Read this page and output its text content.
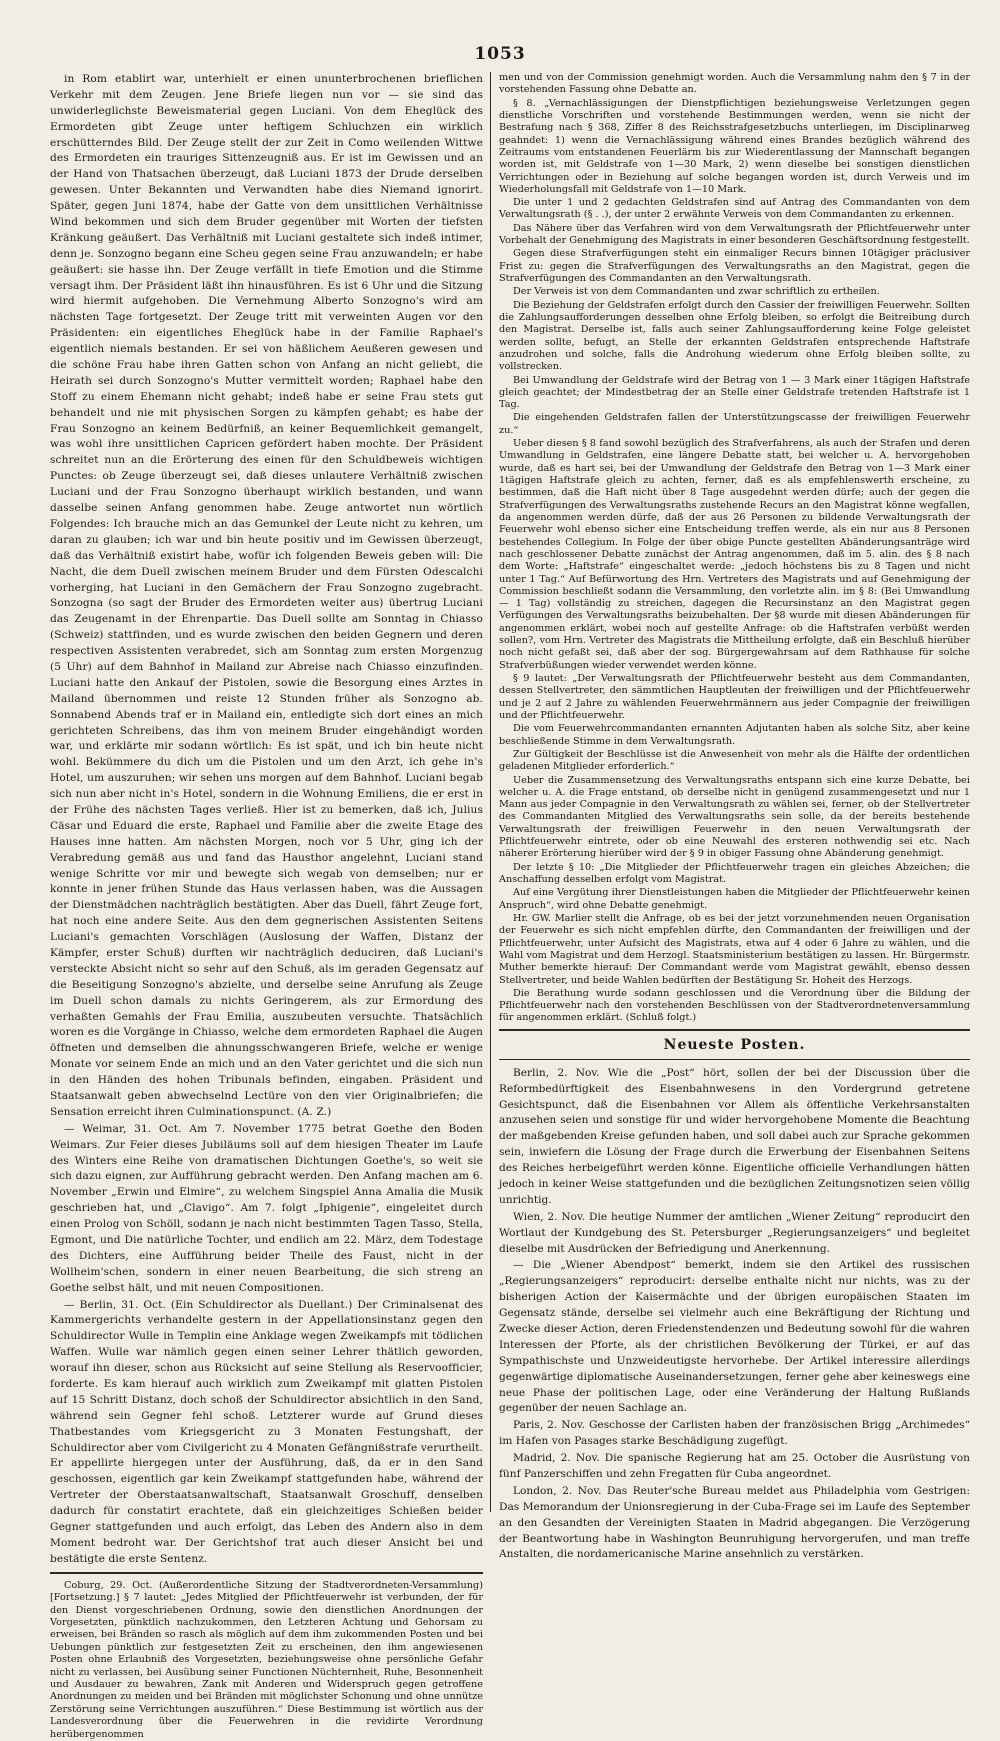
1053

in Rom etablirt war, unterhielt er einen ununterbrochenen brieflichen Verkehr mit dem Zeugen. Jene Briefe liegen nun vor — sie sind das unwiderleglichste Beweismaterial gegen Luciani. Von dem Eheglück des Ermordeten gibt Zeuge unter heftigem Schluchzen ein wirklich erschütterndes Bild. Der Zeuge stellt der zur Zeit in Como weilenden Wittwe des Ermordeten ein trauriges Sittenzeugniß aus. Er ist im Gewissen und an der Hand von Thatsachen überzeugt, daß Luciani 1873 der Drude derselben gewesen. Unter Bekannten und Verwandten habe dies Niemand ignorirt. Später, gegen Juni 1874, habe der Gatte von dem unsittlichen Verhältnisse Wind bekommen und sich dem Bruder gegenüber mit Worten der tiefsten Kränkung geäußert. Das Verhältniß mit Luciani gestaltete sich indeß intimer, denn je. Sonzogno begann eine Scheu gegen seine Frau anzuwandeln; er habe geäußert: sie hasse ihn. Der Zeuge verfällt in tiefe Emotion und die Stimme versagt ihm. Der Präsident läßt ihn hinausführen. Es ist 6 Uhr und die Sitzung wird hiermit aufgehoben. Die Vernehmung Alberto Sonzogno's wird am nächsten Tage fortgesetzt. Der Zeuge tritt mit verweinten Augen vor den Präsidenten: ein eigentliches Eheglück habe in der Familie Raphael's eigentlich niemals bestanden. Er sei von häßlichem Aeußeren gewesen und die schöne Frau habe ihren Gatten schon von Anfang an nicht geliebt, die Heirath sei durch Sonzogno's Mutter vermittelt worden; Raphael habe den Stoff zu einem Ehemann nicht gehabt; indeß habe er seine Frau stets gut behandelt und nie mit physischen Sorgen zu kämpfen gehabt; es habe der Frau Sonzogno an keinem Bedürfniß, an keiner Bequemlichkeit gemangelt, was wohl ihre unsittlichen Capricen gefördert haben mochte. Der Präsident schreitet nun an die Erörterung des einen für den Schuldbeweis wichtigen Punctes: ob Zeuge überzeugt sei, daß dieses unlautere Verhältniß zwischen Luciani und der Frau Sonzogno überhaupt wirklich bestanden, und wann dasselbe seinen Anfang genommen habe. Zeuge antwortet nun wörtlich Folgendes: Ich brauche mich an das Gemunkel der Leute nicht zu kehren, um daran zu glauben; ich war und bin heute positiv und im Gewissen überzeugt, daß das Verhältniß existirt habe, wofür ich folgenden Beweis geben will: Die Nacht, die dem Duell zwischen meinem Bruder und dem Fürsten Odescalchi vorherging, hat Luciani in den Gemächern der Frau Sonzogno zugebracht. Sonzogna (so sagt der Bruder des Ermordeten weiter aus) übertrug Luciani das Zeugenamt in der Ehrenpartie. Das Duell sollte am Sonntag in Chiasso (Schweiz) stattfinden, und es wurde zwischen den beiden Gegnern und deren respectiven Assistenten verabredet, sich am Sonntag zum ersten Morgenzug (5 Uhr) auf dem Bahnhof in Mailand zur Abreise nach Chiasso einzufinden. Luciani hatte den Ankauf der Pistolen, sowie die Besorgung eines Arztes in Mailand übernommen und reiste 12 Stunden früher als Sonzogno ab. Sonnabend Abends traf er in Mailand ein, entledigte sich dort eines an mich gerichteten Schreibens, das ihm von meinem Bruder eingehändigt worden war, und erklärte mir sodann wörtlich: Es ist spät, und ich bin heute nicht wohl. Bekümmere du dich um die Pistolen und um den Arzt, ich gehe in's Hotel, um auszuruhen; wir sehen uns morgen auf dem Bahnhof. Luciani begab sich nun aber nicht in's Hotel, sondern in die Wohnung Emiliens, die er erst in der Frühe des nächsten Tages verließ. Hier ist zu bemerken, daß ich, Julius Cäsar und Eduard die erste, Raphael und Familie aber die zweite Etage des Hauses inne hatten. Am nächsten Morgen, noch vor 5 Uhr, ging ich der Verabredung gemäß aus und fand das Hausthor angelehnt, Luciani stand wenige Schritte vor mir und bewegte sich wegab von demselben; nur er konnte in jener frühen Stunde das Haus verlassen haben, was die Aussagen der Dienstmädchen nachträglich bestätigten. Aber das Duell, fährt Zeuge fort, hat noch eine andere Seite. Aus den dem gegnerischen Assistenten Seitens Luciani's gemachten Vorschlägen (Auslosung der Waffen, Distanz der Kämpfer, erster Schuß) durften wir nachträglich deduciren, daß Luciani's versteckte Absicht nicht so sehr auf den Schuß, als im geraden Gegensatz auf die Beseitigung Sonzogno's abzielte, und derselbe seine Anrufung als Zeuge im Duell schon damals zu nichts Geringerem, als zur Ermordung des verhaßten Gemahls der Frau Emilia, auszubeuten versuchte. Thatsächlich woren es die Vorgänge in Chiasso, welche dem ermordeten Raphael die Augen öffneten und demselben die ahnungsschwangeren Briefe, welche er wenige Monate vor seinem Ende an mich und an den Vater gerichtet und die sich nun in den Händen des hohen Tribunals befinden, eingaben. Präsident und Staatsanwalt geben abwechselnd Lectüre von den vier Originalbriefen; die Sensation erreicht ihren Culminationspunct. (A. Z.)

— Weimar, 31. Oct. Am 7. November 1775 betrat Goethe den Boden Weimars. Zur Feier dieses Jubiläums soll auf dem hiesigen Theater im Laufe des Winters eine Reihe von dramatischen Dichtungen Goethe's, so weit sie sich dazu eignen, zur Aufführung gebracht werden. Den Anfang machen am 6. November „Erwin und Elmire“, zu welchem Singspiel Anna Amalia die Musik geschrieben hat, und „Clavigo“. Am 7. folgt „Iphigenie“, eingeleitet durch einen Prolog von Schöll, sodann je nach nicht bestimmten Tagen Tasso, Stella, Egmont, und Die natürliche Tochter, und endlich am 22. März, dem Todestage des Dichters, eine Aufführung beider Theile des Faust, nicht in der Wollheim'schen, sondern in einer neuen Bearbeitung, die sich streng an Goethe selbst hält, und mit neuen Compositionen.

— Berlin, 31. Oct. (Ein Schuldirector als Duellant.) Der Criminalsenat des Kammergerichts verhandelte gestern in der Appellationsinstanz gegen den Schuldirector Wulle in Templin eine Anklage wegen Zweikampfs mit tödlichen Waffen. Wulle war nämlich gegen einen seiner Lehrer thätlich geworden, worauf ihn dieser, schon aus Rücksicht auf seine Stellung als Reservoofficier, forderte. Es kam hierauf auch wirklich zum Zweikampf mit glatten Pistolen auf 15 Schritt Distanz, doch schoß der Schuldirector absichtlich in den Sand, während sein Gegner fehl schoß. Letzterer wurde auf Grund dieses Thatbestandes vom Kriegsgericht zu 3 Monaten Festungshaft, der Schuldirector aber vom Civilgericht zu 4 Monaten Gefängnißstrafe verurtheilt. Er appellirte hiergegen unter der Ausführung, daß, da er in den Sand geschossen, eigentlich gar kein Zweikampf stattgefunden habe, während der Vertreter der Oberstaatsanwaltschaft, Staatsanwalt Groschuff, denselben dadurch für constatirt erachtete, daß ein gleichzeitiges Schießen beider Gegner stattgefunden und auch erfolgt, das Leben des Andern also in dem Moment bedroht war. Der Gerichtshof trat auch dieser Ansicht bei und bestätigte die erste Sentenz.

Coburg, 29. Oct. (Außerordentliche Sitzung der Stadtverordneten-Versammlung) [Fortsetzung.] § 7 lautet: „Jedes Mitglied der Pflichtfeuerwehr ist verbunden, der für den Dienst vorgeschriebenen Ordnung, sowie den dienstlichen Anordnungen der Vorgesetzten, pünktlich nachzukommen, den Letzteren Achtung und Gehorsam zu erweisen, bei Bränden so rasch als möglich auf dem ihm zukommenden Posten und bei Uebungen pünktlich zur festgesetzten Zeit zu erscheinen, den ihm angewiesenen Posten ohne Erlaubniß des Vorgesetzten, beziehungsweise ohne persönliche Gefahr nicht zu verlassen, bei Ausübung seiner Functionen Nüchternheit, Ruhe, Besonnenheit und Ausdauer zu bewahren, Zank mit Anderen und Widerspruch gegen getroffene Anordnungen zu meiden und bei Bränden mit möglichster Schonung und ohne unnütze Zerstörung seine Verrichtungen auszuführen.“ Diese Bestimmung ist wörtlich aus der Landesverordnung über die Feuerwehren in die revidirte Verordnung herübergenommen

men und von der Commission genehmigt worden. Auch die Versammlung nahm den § 7 in der vorstehenden Fassung ohne Debatte an.

§ 8. „Vernachlässigungen der Dienstpflichtigen beziehungsweise Verletzungen gegen dienstliche Vorschriften und vorstehende Bestimmungen werden, wenn sie nicht der Bestrafung nach § 368, Ziffer 8 des Reichsstrafgesetzbuchs unterliegen, im Disciplinarweg geahndet: 1) wenn die Vernachlässigung während eines Brandes bezüglich während des Zeitraums vom entstandenen Feuerlärm bis zur Wiederentlassung der Mannschaft begangen worden ist, mit Geldstrafe von 1—30 Mark, 2) wenn dieselbe bei sonstigen dienstlichen Verrichtungen oder in Beziehung auf solche begangen worden ist, durch Verweis und im Wiederholungsfall mit Geldstrafe von 1—10 Mark.

Die unter 1 und 2 gedachten Geldstrafen sind auf Antrag des Commandanten von dem Verwaltungsrath (§ . .), der unter 2 erwähnte Verweis von dem Commandanten zu erkennen.

Das Nähere über das Verfahren wird von dem Verwaltungsrath der Pflichtfeuerwehr unter Vorbehalt der Genehmigung des Magistrats in einer besonderen Geschäftsordnung festgestellt.

Gegen diese Strafverfügungen steht ein einmaliger Recurs binnen 10tägiger präclusiver Frist zu: gegen die Strafverfügungen des Verwaltungsraths an den Magistrat, gegen die Strafverfügungen des Commandanten an den Verwaltungsrath.

Der Verweis ist von dem Commandanten und zwar schriftlich zu ertheilen.

Die Beziehung der Geldstrafen erfolgt durch den Cassier der freiwilligen Feuerwehr. Sollten die Zahlungsaufforderungen desselben ohne Erfolg bleiben, so erfolgt die Beitreibung durch den Magistrat. Derselbe ist, falls auch seiner Zahlungsaufforderung keine Folge geleistet werden sollte, befugt, an Stelle der erkannten Geldstrafen entsprechende Haftstrafe anzudrohen und solche, falls die Androhung wiederum ohne Erfolg bleiben sollte, zu vollstrecken.

Bei Umwandlung der Geldstrafe wird der Betrag von 1 — 3 Mark einer 1tägigen Haftstrafe gleich geachtet; der Mindestbetrag der an Stelle einer Geldstrafe tretenden Haftstrafe ist 1 Tag.

Die eingehenden Geldstrafen fallen der Unterstützungscasse der freiwilligen Feuerwehr zu.“

Ueber diesen § 8 fand sowohl bezüglich des Strafverfahrens, als auch der Strafen und deren Umwandlung in Geldstrafen, eine längere Debatte statt, bei welcher u. A. hervorgehoben wurde, daß es hart sei, bei der Umwandlung der Geldstrafe den Betrag von 1—3 Mark einer 1tägigen Haftstrafe gleich zu achten, ferner, daß es als empfehlenswerth erscheine, zu bestimmen, daß die Haft nicht über 8 Tage ausgedehnt werden dürfe; auch der gegen die Strafverfügungen des Verwaltungsraths zustehende Recurs an den Magistrat könne wegfallen, da angenommen werden dürfe, daß der aus 26 Personen zu bildende Verwaltungsrath der Feuerwehr wohl ebenso sicher eine Entscheidung treffen werde, als ein nur aus 8 Personen bestehendes Collegium. In Folge der über obige Puncte gestellten Abänderungsanträge wird nach geschlossener Debatte zunächst der Antrag angenommen, daß im 5. alin. des § 8 nach dem Worte: „Haftstrafe“ eingeschaltet werde: „jedoch höchstens bis zu 8 Tagen und nicht unter 1 Tag.“ Auf Befürwortung des Hrn. Vertreters des Magistrats und auf Genehmigung der Commission beschließt sodann die Versammlung, den vorletzte alin. im § 8: (Bei Umwandlung — 1 Tag) vollständig zu streichen, dagegen die Recursinstanz an den Magistrat gegen Verfügungen des Verwaltungsraths beizubehalten. Der §8 wurde mit diesen Abänderungen für angenommen erklärt, wobei noch auf gestellte Anfrage: ob die Haftstrafen verbüßt werden sollen?, vom Hrn. Vertreter des Magistrats die Mittheilung erfolgte, daß ein Beschluß hierüber noch nicht gefaßt sei, daß aber der sog. Bürgergewahrsam auf dem Rathhause für solche Strafverbüßungen wieder verwendet werden könne.

§ 9 lautet: „Der Verwaltungsrath der Pflichtfeuerwehr besteht aus dem Commandanten, dessen Stellvertreter, den sämmtlichen Hauptleuten der freiwilligen und der Pflichtfeuerwehr und je 2 auf 2 Jahre zu wählenden Feuerwehrmännern aus jeder Compagnie der freiwilligen und der Pflichtfeuerwehr.

Die vom Feuerwehrcommandanten ernannten Adjutanten haben als solche Sitz, aber keine beschließende Stimme in dem Verwaltungsrath.

Zur Gültigkeit der Beschlüsse ist die Anwesenheit von mehr als die Hälfte der ordentlichen geladenen Mitglieder erforderlich.“

Ueber die Zusammensetzung des Verwaltungsraths entspann sich eine kurze Debatte, bei welcher u. A. die Frage entstand, ob derselbe nicht in genügend zusammengesetzt und nur 1 Mann aus jeder Compagnie in den Verwaltungsrath zu wählen sei, ferner, ob der Stellvertreter des Commandanten Mitglied des Verwaltungsraths sein solle, da der bereits bestehende Verwaltungsrath der freiwilligen Feuerwehr in den neuen Verwaltungsrath der Pflichtfeuerwehr eintrete, oder ob eine Neuwahl des ersteren nothwendig sei etc. Nach näherer Erörterung hierüber wird der § 9 in obiger Fassung ohne Abänderung genehmigt.

Der letzte § 10: „Die Mitglieder der Pflichtfeuerwehr tragen ein gleiches Abzeichen; die Anschaffung desselben erfolgt vom Magistrat.

Auf eine Vergütung ihrer Dienstleistungen haben die Mitglieder der Pflichtfeuerwehr keinen Anspruch“, wird ohne Debatte genehmigt.

Hr. GW. Marlier stellt die Anfrage, ob es bei der jetzt vorzunehmenden neuen Organisation der Feuerwehr es sich nicht empfehlen dürfte, den Commandanten der freiwilligen und der Pflichtfeuerwehr, unter Aufsicht des Magistrats, etwa auf 4 oder 6 Jahre zu wählen, und die Wahl vom Magistrat und dem Herzogl. Staatsministerium bestätigen zu lassen. Hr. Bürgermstr. Muther bemerkte hierauf: Der Commandant werde vom Magistrat gewählt, ebenso dessen Stellvertreter, und beide Wahlen bedürften der Bestätigung Sr. Hoheit des Herzogs.

Die Berathung wurde sodann geschlossen und die Verordnung über die Bildung der Pflichtfeuerwehr nach den vorstehenden Beschlüssen von der Stadtverordnetenversammlung für angenommen erklärt. (Schluß folgt.)

Neueste Posten.

Berlin, 2. Nov. Wie die „Post“ hört, sollen der bei der Discussion über die Reformbedürftigkeit des Eisenbahnwesens in den Vordergrund getretene Gesichtspunct, daß die Eisenbahnen vor Allem als öffentliche Verkehrsanstalten anzusehen seien und sonstige für und wider hervorgehobene Momente die Beachtung der maßgebenden Kreise gefunden haben, und soll dabei auch zur Sprache gekommen sein, inwiefern die Lösung der Frage durch die Erwerbung der Eisenbahnen Seitens des Reiches herbeigeführt werden könne. Eigentliche officielle Verhandlungen hätten jedoch in keiner Weise stattgefunden und die bezüglichen Zeitungsnotizen seien völlig unrichtig.

Wien, 2. Nov. Die heutige Nummer der amtlichen „Wiener Zeitung“ reproducirt den Wortlaut der Kundgebung des St. Petersburger „Regierungsanzeigers“ und begleitet dieselbe mit Ausdrücken der Befriedigung und Anerkennung.

— Die „Wiener Abendpost“ bemerkt, indem sie den Artikel des russischen „Regierungsanzeigers“ reproducirt: derselbe enthalte nicht nur nichts, was zu der bisherigen Action der Kaisermächte und der übrigen europäischen Staaten im Gegensatz stände, derselbe sei vielmehr auch eine Bekräftigung der Richtung und Zwecke dieser Action, deren Friedenstendenzen und Bedeutung sowohl für die wahren Interessen der Pforte, als der christlichen Bevölkerung der Türkei, er auf das Sympathischste und Unzweideutigste hervorhebe. Der Artikel interessire allerdings gegenwärtige diplomatische Auseinandersetzungen, ferner gehe aber keineswegs eine neue Phase der politischen Lage, oder eine Veränderung der Haltung Rußlands gegenüber der neuen Sachlage an.

Paris, 2. Nov. Geschosse der Carlisten haben der französischen Brigg „Archimedes“ im Hafen von Pasages starke Beschädigung zugefügt.

Madrid, 2. Nov. Die spanische Regierung hat am 25. October die Ausrüstung von fünf Panzerschiffen und zehn Fregatten für Cuba angeordnet.

London, 2. Nov. Das Reuter'sche Bureau meldet aus Philadelphia vom Gestrigen: Das Memorandum der Unionsregierung in der Cuba-Frage sei im Laufe des September an den Gesandten der Vereinigten Staaten in Madrid abgegangen. Die Verzögerung der Beantwortung habe in Washington Beunruhigung hervorgerufen, und man treffe Anstalten, die nordamericanische Marine ansehnlich zu verstärken.
